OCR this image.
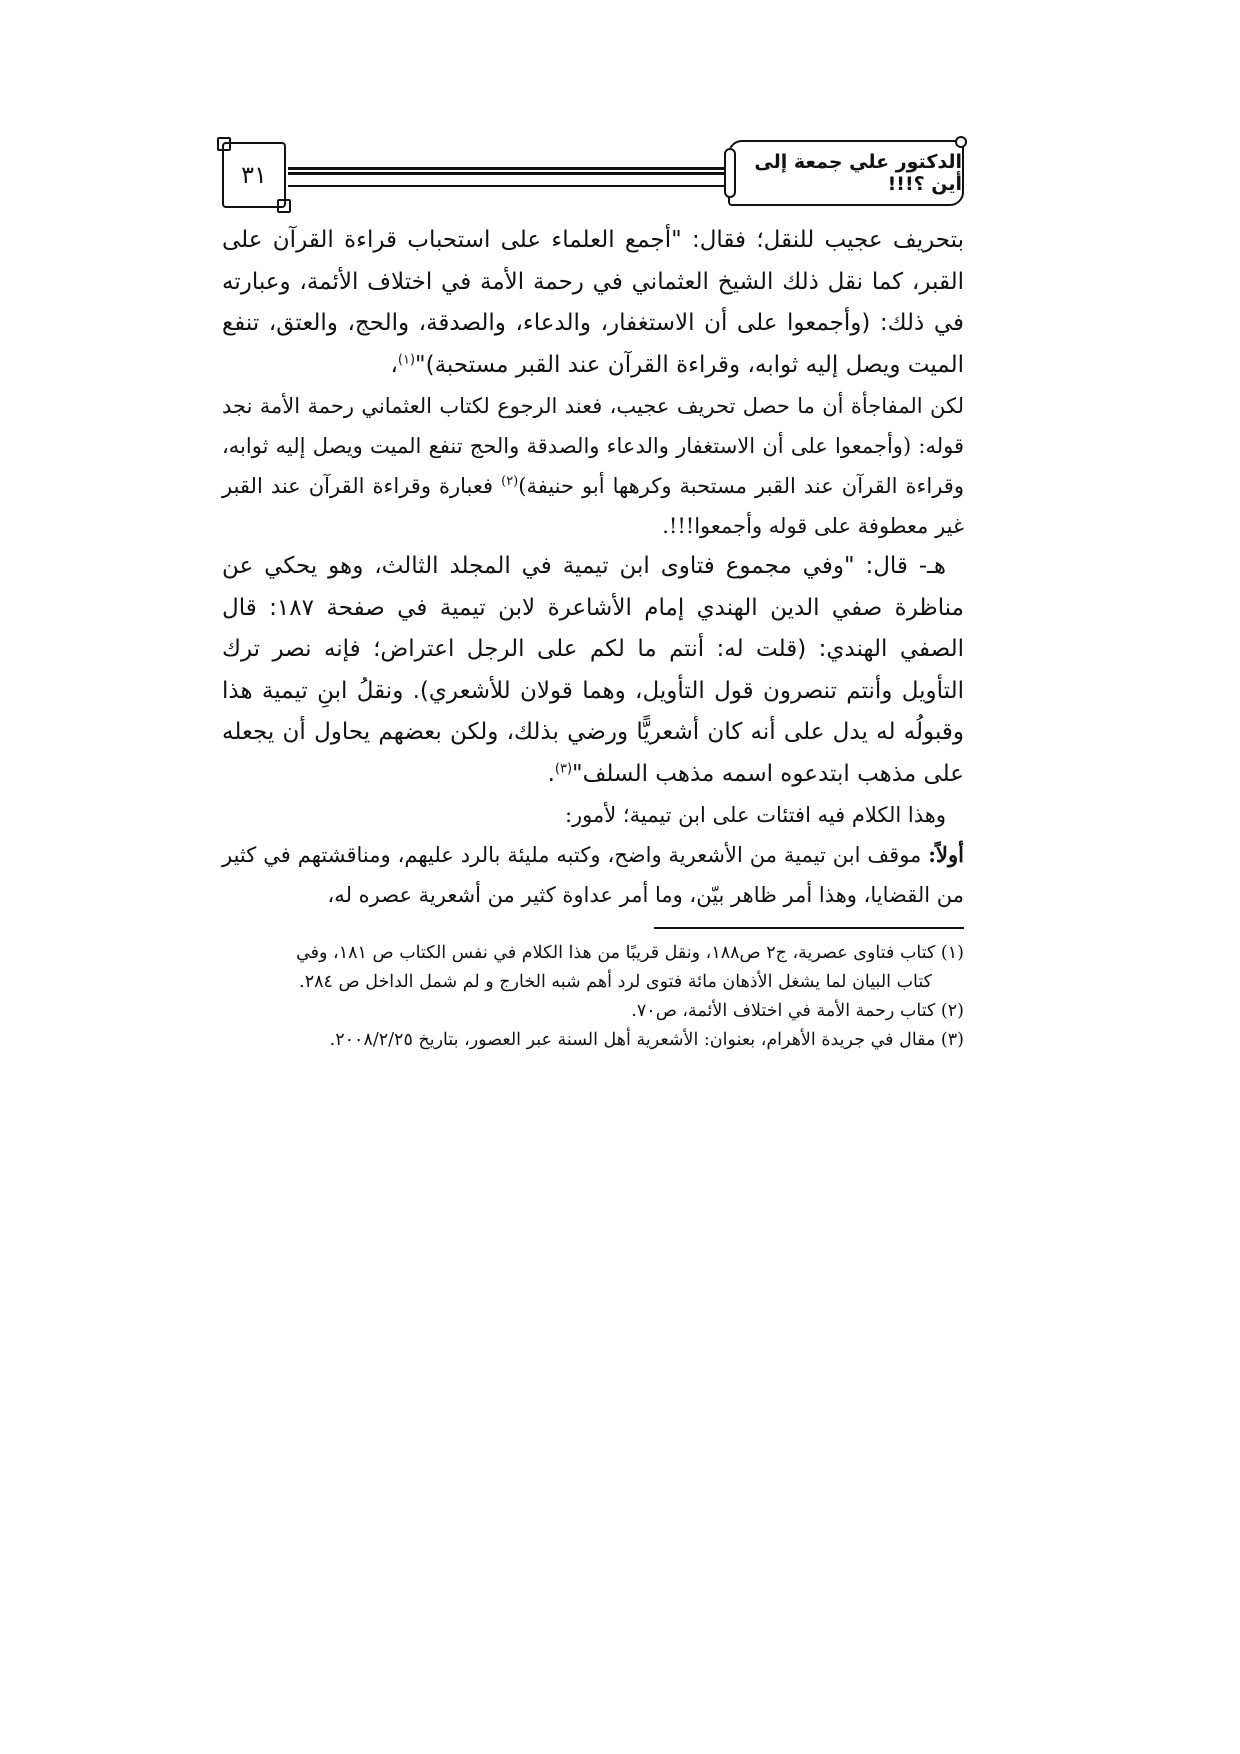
٣١	الدكتور علي جمعة إلى أين ؟!!!

بتحريف عجيب للنقل؛ فقال: "أجمع العلماء على استحباب قراءة القرآن على القبر، كما نقل ذلك الشيخ العثماني في رحمة الأمة في اختلاف الأئمة، وعبارته في ذلك: (وأجمعوا على أن الاستغفار، والدعاء، والصدقة، والحج، والعتق، تنفع الميت ويصل إليه ثوابه، وقراءة القرآن عند القبر مستحبة)"$^{(١)}$،

لكن المفاجأة أن ما حصل تحريف عجيب، فعند الرجوع لكتاب العثماني رحمة الأمة نجد قوله: (وأجمعوا على أن الاستغفار والدعاء والصدقة والحج تنفع الميت ويصل إليه ثوابه، وقراءة القرآن عند القبر مستحبة وكرهها أبو حنيفة)$^{(٢)}$ فعبارة وقراءة القرآن عند القبر غير معطوفة على قوله وأجمعوا!!!.

هـ- قال: "وفي مجموع فتاوى ابن تيمية في المجلد الثالث، وهو يحكي عن مناظرة صفي الدين الهندي إمام الأشاعرة لابن تيمية في صفحة ١٨٧: قال الصفي الهندي: (قلت له: أنتم ما لكم على الرجل اعتراض؛ فإنه نصر ترك التأويل وأنتم تنصرون قول التأويل، وهما قولان للأشعري). ونقلُ ابنِ تيمية هذا وقبولُه له يدل على أنه كان أشعريًّا ورضي بذلك، ولكن بعضهم يحاول أن يجعله على مذهب ابتدعوه اسمه مذهب السلف"$^{(٣)}$.

وهذا الكلام فيه افتئات على ابن تيمية؛ لأمور:

أولاً: موقف ابن تيمية من الأشعرية واضح، وكتبه مليئة بالرد عليهم، ومناقشتهم في كثير من القضايا، وهذا أمر ظاهر بيّن، وما أمر عداوة كثير من أشعرية عصره له،

(١) كتاب فتاوى عصرية، ج٢ ص١٨٨، ونقل قريبًا من هذا الكلام في نفس الكتاب ص ١٨١، وفي
كتاب البيان لما يشغل الأذهان مائة فتوى لرد أهم شبه الخارج و لم شمل الداخل ص ٢٨٤.

(٢) كتاب رحمة الأمة في اختلاف الأئمة، ص٧٠.

(٣) مقال في جريدة الأهرام، بعنوان: الأشعرية أهل السنة عبر العصور، بتاريخ ٢٠٠٨/٢/٢٥.
